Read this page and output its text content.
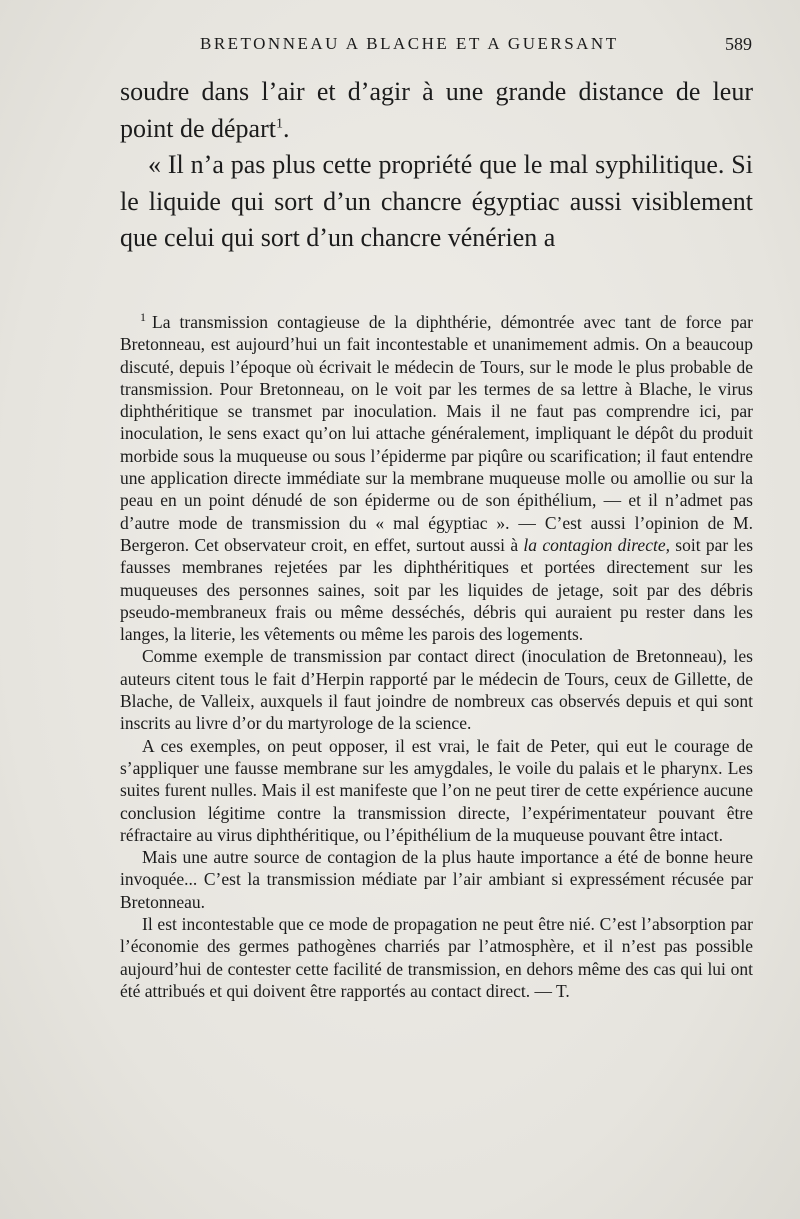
BRETONNEAU A BLACHE ET A GUERSANT	589

soudre dans l’air et d’agir à une grande distance de leur point de départ$^1$.

« Il n’a pas plus cette propriété que le mal syphilitique. Si le liquide qui sort d’un chancre égyptiac aussi visiblement que celui qui sort d’un chancre vénérien a

$^1$ La transmission contagieuse de la diphthérie, démontrée avec tant de force par Bretonneau, est aujourd’hui un fait incontestable et unanimement admis. On a beaucoup discuté, depuis l’époque où écrivait le médecin de Tours, sur le mode le plus probable de transmission. Pour Bretonneau, on le voit par les termes de sa lettre à Blache, le virus diphthéritique se transmet par inoculation. Mais il ne faut pas comprendre ici, par inoculation, le sens exact qu’on lui attache généralement, impliquant le dépôt du produit morbide sous la muqueuse ou sous l’épiderme par piqûre ou scarification; il faut entendre une application directe immédiate sur la membrane muqueuse molle ou amollie ou sur la peau en un point dénudé de son épiderme ou de son épithélium, — et il n’admet pas d’autre mode de transmission du « mal égyptiac ». — C’est aussi l’opinion de M. Bergeron. Cet observateur croit, en effet, surtout aussi à la contagion directe, soit par les fausses membranes rejetées par les diphthéritiques et portées directement sur les muqueuses des personnes saines, soit par les liquides de jetage, soit par des débris pseudo-membraneux frais ou même desséchés, débris qui auraient pu rester dans les langes, la literie, les vêtements ou même les parois des logements.

Comme exemple de transmission par contact direct (inoculation de Bretonneau), les auteurs citent tous le fait d’Herpin rapporté par le médecin de Tours, ceux de Gillette, de Blache, de Valleix, auxquels il faut joindre de nombreux cas observés depuis et qui sont inscrits au livre d’or du martyrologe de la science.

A ces exemples, on peut opposer, il est vrai, le fait de Peter, qui eut le courage de s’appliquer une fausse membrane sur les amygdales, le voile du palais et le pharynx. Les suites furent nulles. Mais il est manifeste que l’on ne peut tirer de cette expérience aucune conclusion légitime contre la transmission directe, l’expérimentateur pouvant être réfractaire au virus diphthéritique, ou l’épithélium de la muqueuse pouvant être intact.

Mais une autre source de contagion de la plus haute importance a été de bonne heure invoquée... C’est la transmission médiate par l’air ambiant si expressément récusée par Bretonneau.

Il est incontestable que ce mode de propagation ne peut être nié. C’est l’absorption par l’économie des germes pathogènes charriés par l’atmosphère, et il n’est pas possible aujourd’hui de contester cette facilité de transmission, en dehors même des cas qui lui ont été attribués et qui doivent être rapportés au contact direct. — T.
